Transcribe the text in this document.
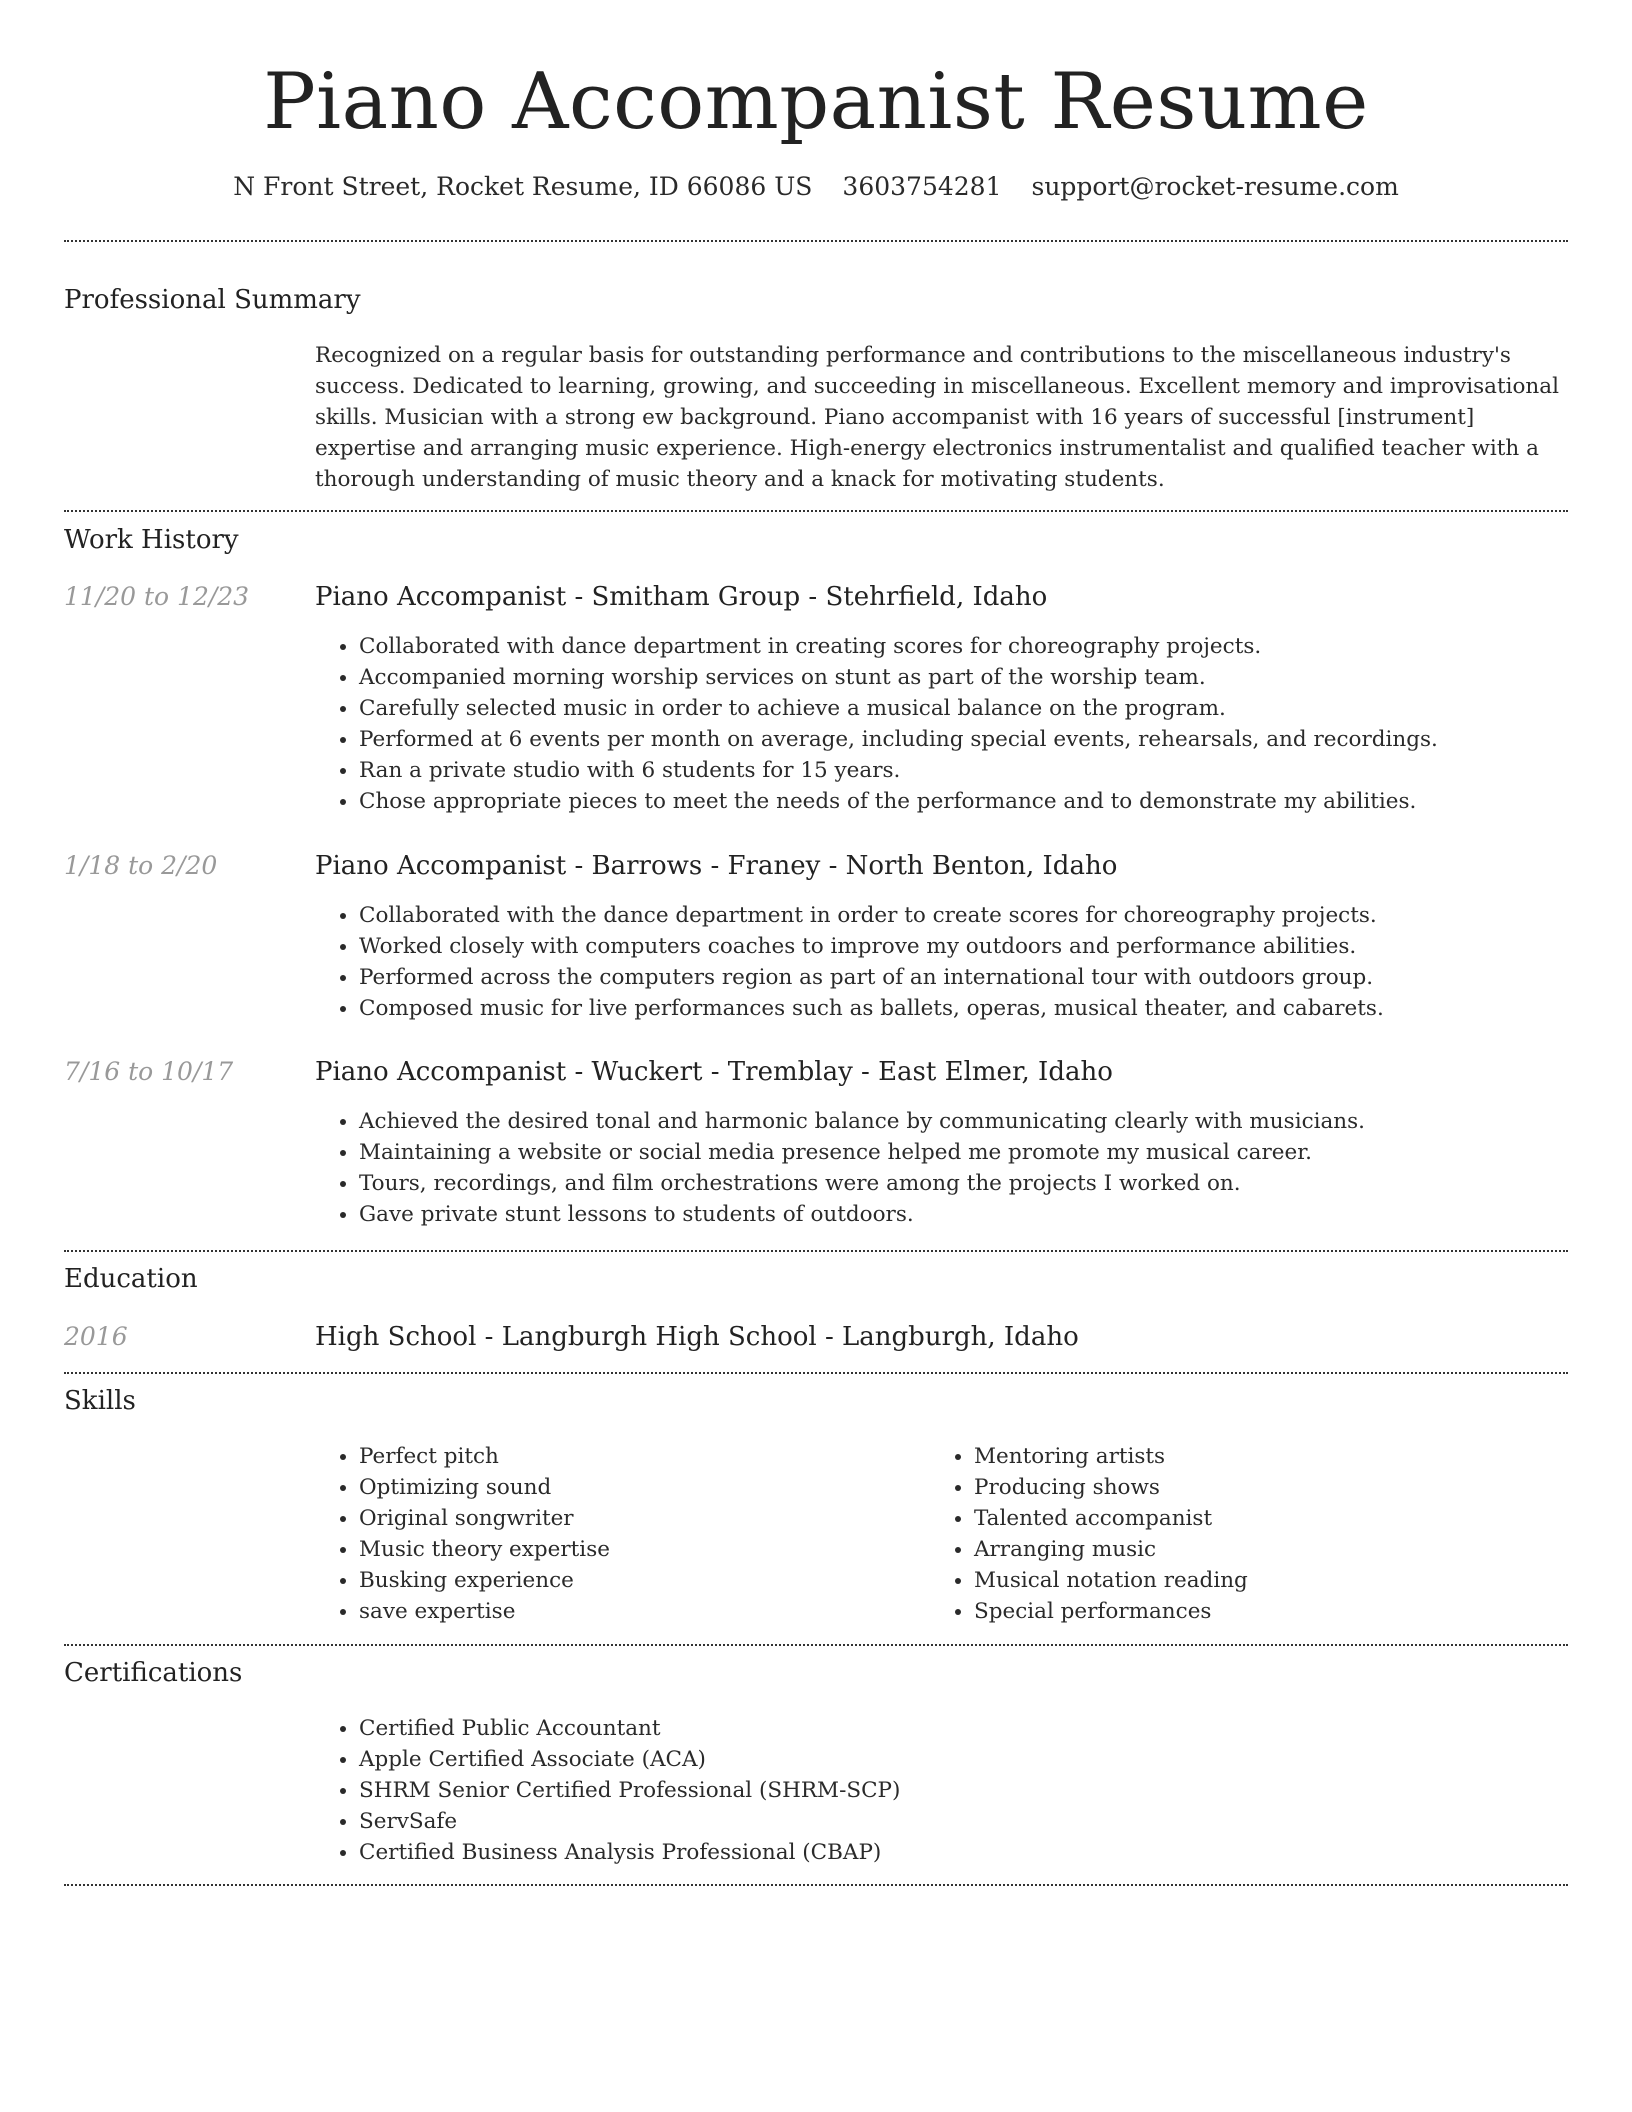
Piano Accompanist Resume
N Front Street, Rocket Resume, ID 66086 US 3603754281 support@rocket-resume.com
Professional Summary

Recognized on a regular basis for outstanding performance and contributions to the miscellaneous industry's success. Dedicated to learning, growing, and succeeding in miscellaneous. Excellent memory and improvisational skills. Musician with a strong ew background. Piano accompanist with 16 years of successful [instrument] expertise and arranging music experience. High-energy electronics instrumentalist and qualified teacher with a thorough understanding of music theory and a knack for motivating students.

Work History
11/20 to 12/23	Piano Accompanist - Smitham Group - Stehrfield, Idaho
• Collaborated with dance department in creating scores for choreography projects.
• Accompanied morning worship services on stunt as part of the worship team.
• Carefully selected music in order to achieve a musical balance on the program.
• Performed at 6 events per month on average, including special events, rehearsals, and recordings.
• Ran a private studio with 6 students for 15 years.
• Chose appropriate pieces to meet the needs of the performance and to demonstrate my abilities.
1/18 to 2/20	Piano Accompanist - Barrows - Franey - North Benton, Idaho
• Collaborated with the dance department in order to create scores for choreography projects.
• Worked closely with computers coaches to improve my outdoors and performance abilities.
• Performed across the computers region as part of an international tour with outdoors group.
• Composed music for live performances such as ballets, operas, musical theater, and cabarets.
7/16 to 10/17	Piano Accompanist - Wuckert - Tremblay - East Elmer, Idaho
• Achieved the desired tonal and harmonic balance by communicating clearly with musicians.
• Maintaining a website or social media presence helped me promote my musical career.
• Tours, recordings, and film orchestrations were among the projects I worked on.
• Gave private stunt lessons to students of outdoors.
Education
2016	High School - Langburgh High School - Langburgh, Idaho
Skills
• Perfect pitch
• Optimizing sound
• Original songwriter
• Music theory expertise
• Busking experience
• save expertise
• Mentoring artists
• Producing shows
• Talented accompanist
• Arranging music
• Musical notation reading
• Special performances
Certifications
• Certified Public Accountant
• Apple Certified Associate (ACA)
• SHRM Senior Certified Professional (SHRM-SCP)
• ServSafe
• Certified Business Analysis Professional (CBAP)
